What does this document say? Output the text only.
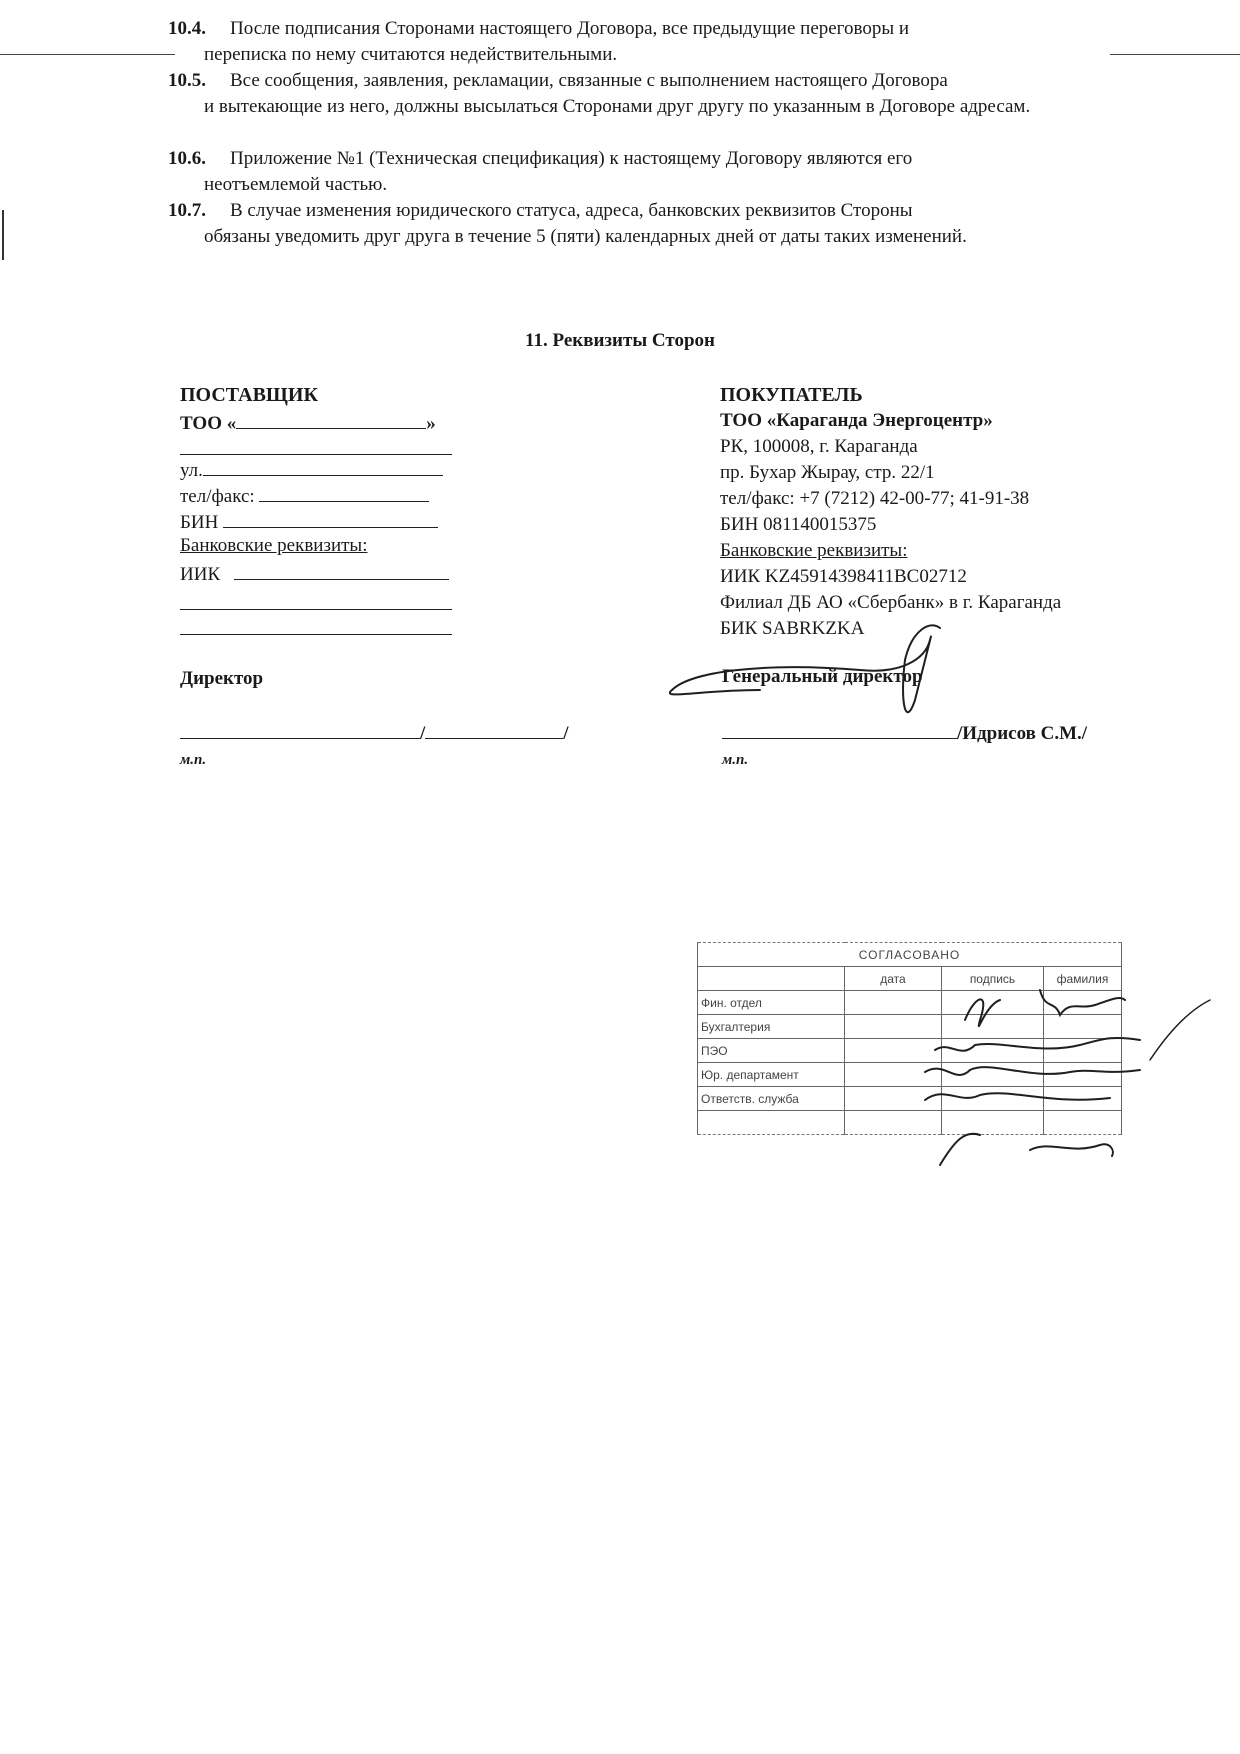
10.4. После подписания Сторонами настоящего Договора, все предыдущие переговоры и
переписка по нему считаются недействительными.
10.5. Все сообщения, заявления, рекламации, связанные с выполнением настоящего Договора
и вытекающие из него, должны высылаться Сторонами друг другу по указанным в Договоре адресам.
10.6. Приложение №1 (Техническая спецификация) к настоящему Договору являются его
неотъемлемой частью.
10.7. В случае изменения юридического статуса, адреса, банковских реквизитов Стороны
обязаны уведомить друг друга в течение 5 (пяти) календарных дней от даты таких изменений.
11. Реквизиты Сторон
ПОСТАВЩИК
ТОО «	»
ул.
тел/факс:
БИН
Банковские реквизиты:
ИИК
Директор
/	/
м.п.
ПОКУПАТЕЛЬ
ТОО «Караганда Энергоцентр»
РК, 100008, г. Караганда
пр. Бухар Жырау, стр. 22/1
тел/факс: +7 (7212) 42-00-77; 41-91-38
БИН 081140015375
Банковские реквизиты:
ИИК KZ45914398411BC02712
Филиал ДБ АО «Сбербанк» в г. Караганда
БИК SABRKZKA
Генеральный директор
/Идрисов С.М./
м.п.
СОГЛАСОВАНО			
	дата	подпись	фамилия
Фин. отдел			
Бухгалтерия			
ПЭО			
Юр. департамент			
Ответств. служба			
